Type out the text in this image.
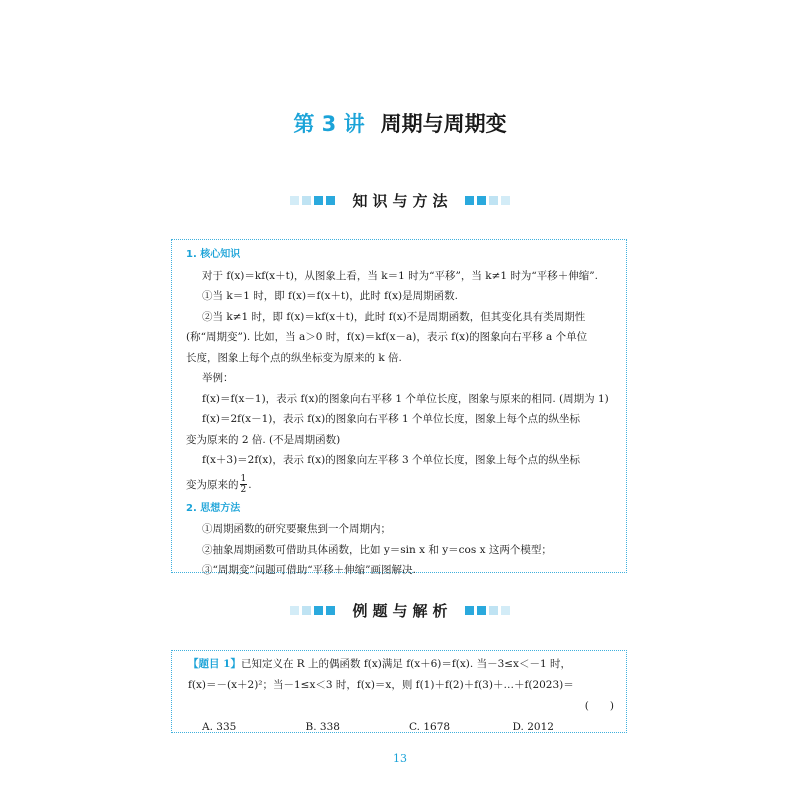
第 3 讲 周期与周期变
知识与方法
1. 核心知识
对于 f(x)＝kf(x＋t)，从图象上看，当 k＝1 时为“平移”，当 k≠1 时为“平移＋伸缩”.
①当 k＝1 时，即 f(x)＝f(x＋t)，此时 f(x)是周期函数.
②当 k≠1 时，即 f(x)＝kf(x＋t)，此时 f(x)不是周期函数，但其变化具有类周期性
(称“周期变”). 比如，当 a＞0 时，f(x)＝kf(x－a)，表示 f(x)的图象向右平移 a 个单位
长度，图象上每个点的纵坐标变为原来的 k 倍.
举例：
f(x)＝f(x－1)，表示 f(x)的图象向右平移 1 个单位长度，图象与原来的相同. (周期为 1)
f(x)＝2f(x－1)，表示 f(x)的图象向右平移 1 个单位长度，图象上每个点的纵坐标
变为原来的 2 倍. (不是周期函数)
f(x＋3)＝2f(x)，表示 f(x)的图象向左平移 3 个单位长度，图象上每个点的纵坐标
变为原来的 $\frac{1}{2}$ .
2. 思想方法
①周期函数的研究要聚焦到一个周期内；
②抽象周期函数可借助具体函数，比如 y＝sin x 和 y＝cos x 这两个模型；
③“周期变”问题可借助“平移＋伸缩”画图解决.
例题与解析
【题目 1】已知定义在 R 上的偶函数 f(x)满足 f(x＋6)＝f(x). 当－3≤x＜－1 时，
f(x)＝－(x＋2)²；当－1≤x＜3 时，f(x)＝x，则 f(1)＋f(2)＋f(3)＋…＋f(2023)＝
(　　)
A. 335	B. 338	C. 1678	D. 2012
13
